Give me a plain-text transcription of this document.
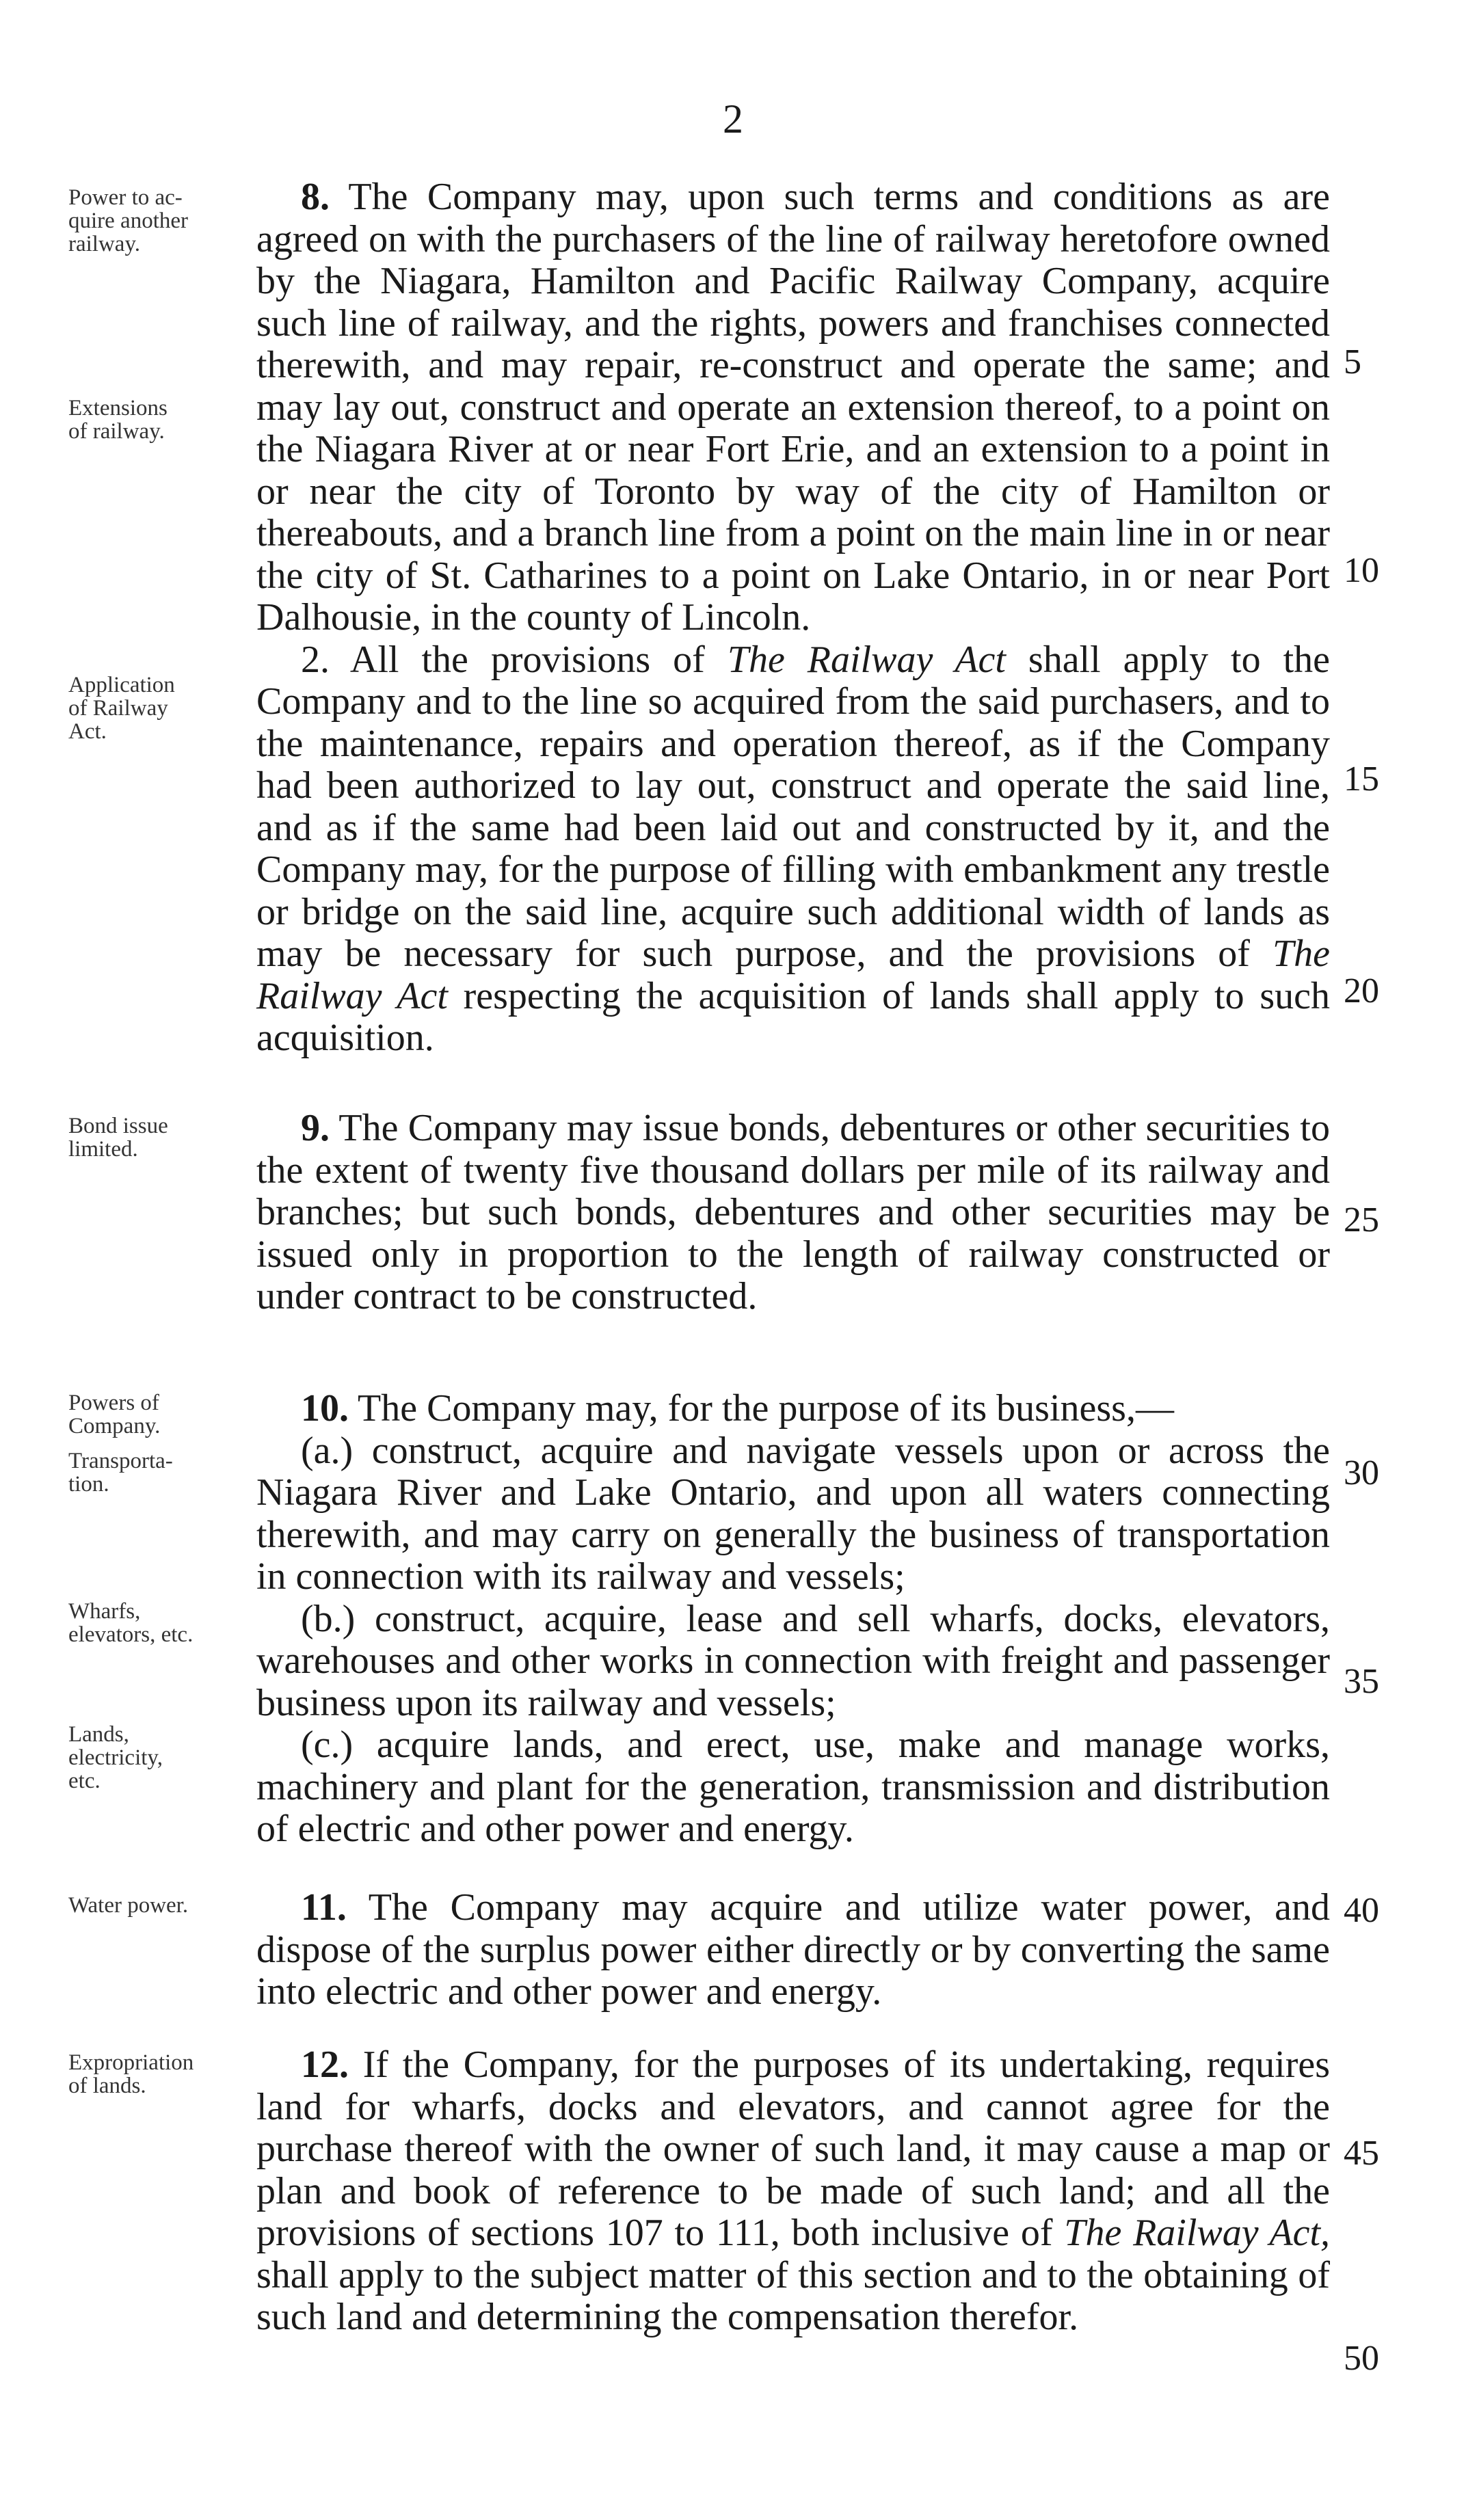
2
Power to ac-
quire another
railway.
Extensions
of railway.
Application
of Railway
Act.
Bond issue
limited.
Powers of
Company.
Transporta-
tion.
Wharfs,
elevators, etc.
Lands,
electricity,
etc.
Water power.
Expropriation
of lands.

8. The Company may, upon such terms and conditions as are agreed on with the purchasers of the line of railway heretofore owned by the Niagara, Hamilton and Pacific Railway Company, acquire such line of railway, and the rights, powers and franchises connected therewith, and may repair, re-construct and operate the same; and may lay out, construct and operate an extension thereof, to a point on the Niagara River at or near Fort Erie, and an extension to a point in or near the city of Toronto by way of the city of Hamilton or thereabouts, and a branch line from a point on the main line in or near the city of St. Catharines to a point on Lake Ontario, in or near Port Dalhousie, in the county of Lincoln.

2. All the provisions of The Railway Act shall apply to the Company and to the line so acquired from the said purchasers, and to the maintenance, repairs and operation thereof, as if the Company had been authorized to lay out, construct and operate the said line, and as if the same had been laid out and constructed by it, and the Company may, for the purpose of filling with embankment any trestle or bridge on the said line, acquire such additional width of lands as may be necessary for such purpose, and the provisions of The Railway Act respecting the acquisition of lands shall apply to such acquisition.

9. The Company may issue bonds, debentures or other securities to the extent of twenty five thousand dollars per mile of its railway and branches; but such bonds, debentures and other securities may be issued only in proportion to the length of railway constructed or under contract to be constructed.

10. The Company may, for the purpose of its business,—

(a.) construct, acquire and navigate vessels upon or across the Niagara River and Lake Ontario, and upon all waters connecting therewith, and may carry on generally the business of transportation in connection with its railway and vessels;

(b.) construct, acquire, lease and sell wharfs, docks, elevators, warehouses and other works in connection with freight and passenger business upon its railway and vessels;

(c.) acquire lands, and erect, use, make and manage works, machinery and plant for the generation, transmission and distribution of electric and other power and energy.

11. The Company may acquire and utilize water power, and dispose of the surplus power either directly or by converting the same into electric and other power and energy.

12. If the Company, for the purposes of its undertaking, requires land for wharfs, docks and elevators, and cannot agree for the purchase thereof with the owner of such land, it may cause a map or plan and book of reference to be made of such land; and all the provisions of sections 107 to 111, both inclusive of The Railway Act, shall apply to the subject matter of this section and to the obtaining of such land and determining the compensation therefor.

5
10
15
20
25
30
35
40
45
50
